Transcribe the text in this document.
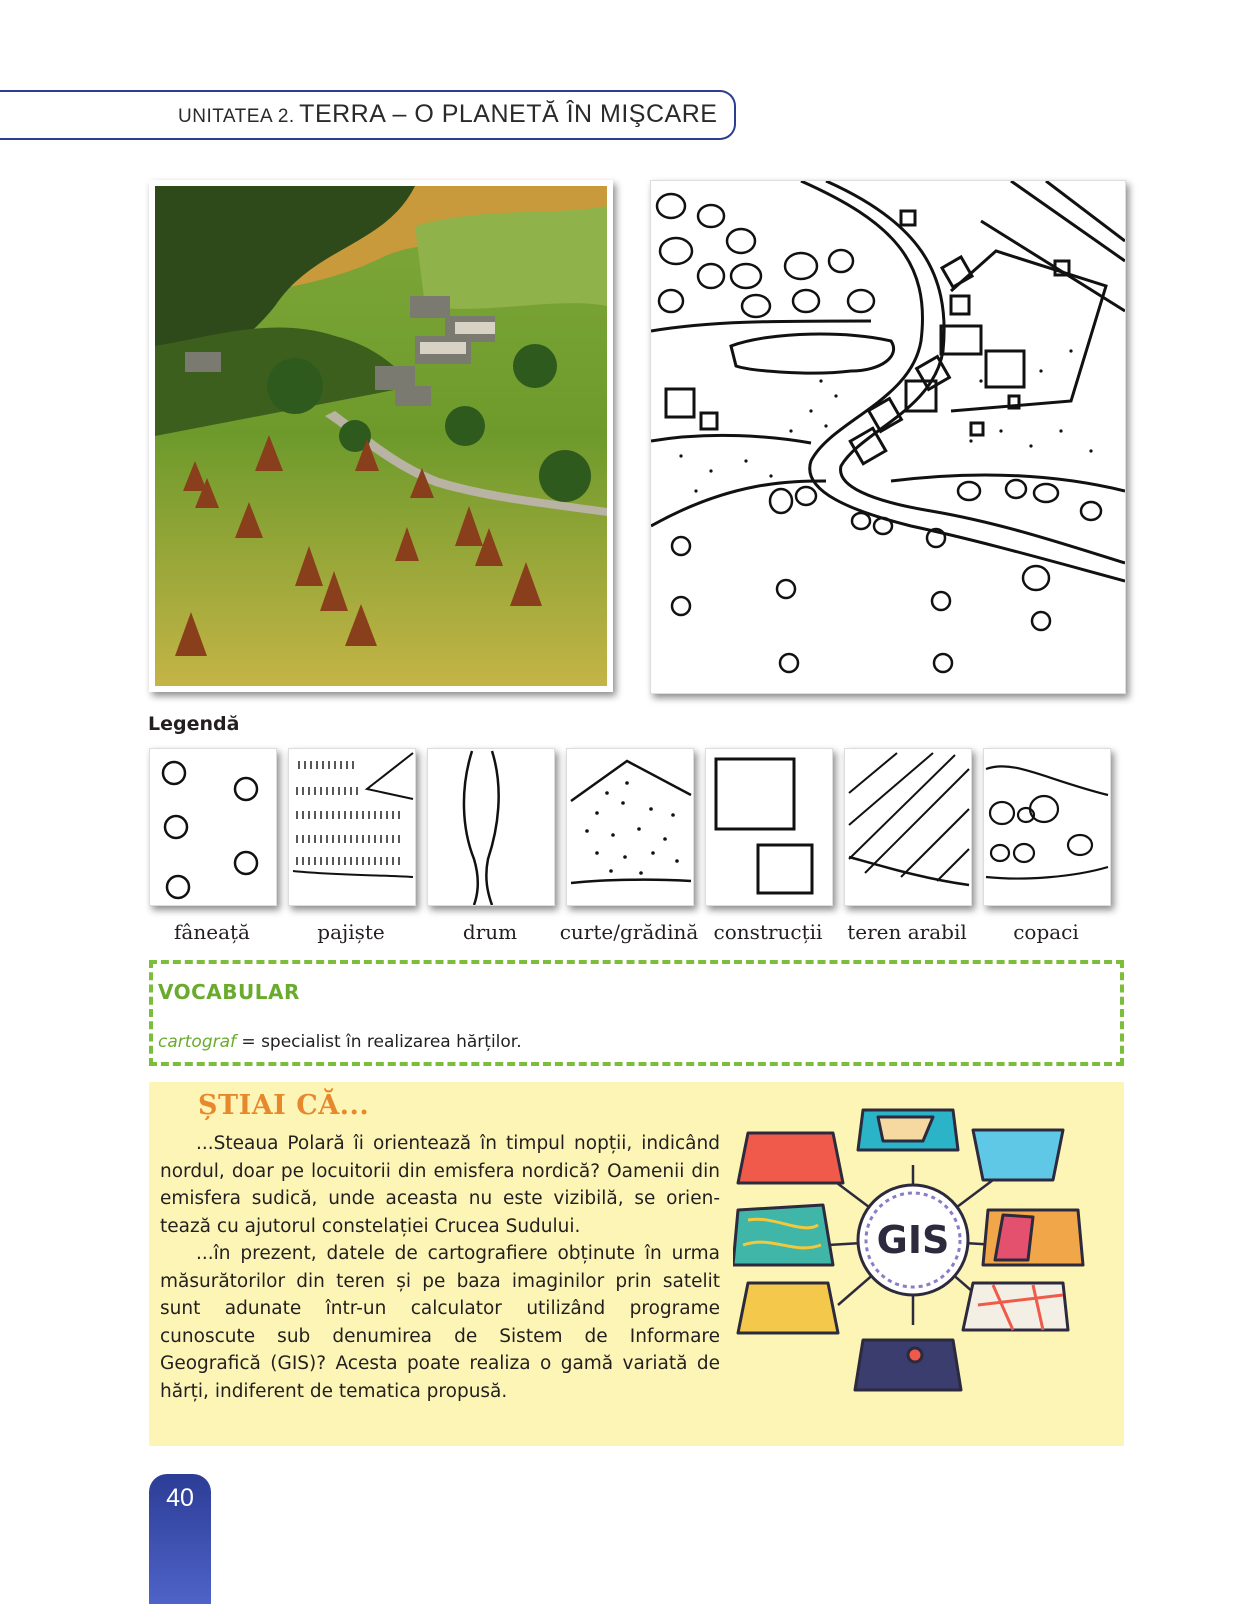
UNITATEA 2. TERRA – O PLANETĂ ÎN MIŞCARE
Legendă
fâneață	pajiște	drum	curte/grădină construcții	teren arabil	copaci
VOCABULAR
cartograf = specialist în realizarea hărților.
ȘTIAI CĂ...
...Steaua Polară îi orientează în timpul nopții, indicând nordul, doar pe locuitorii din emisfera nordică? Oamenii din emisfera sudică, unde aceasta nu este vizibilă, se orientează cu ajutorul constelației Crucea Sudului.
...în prezent, datele de cartografiere obținute în urma măsurătorilor din teren și pe baza imaginilor prin satelit sunt adunate într-un calculator utilizând programe cunoscute sub denumirea de Sistem de Informare Geografică (GIS)? Acesta poate realiza o gamă variată de hărți, indiferent de tematica propusă.
GIS
40
